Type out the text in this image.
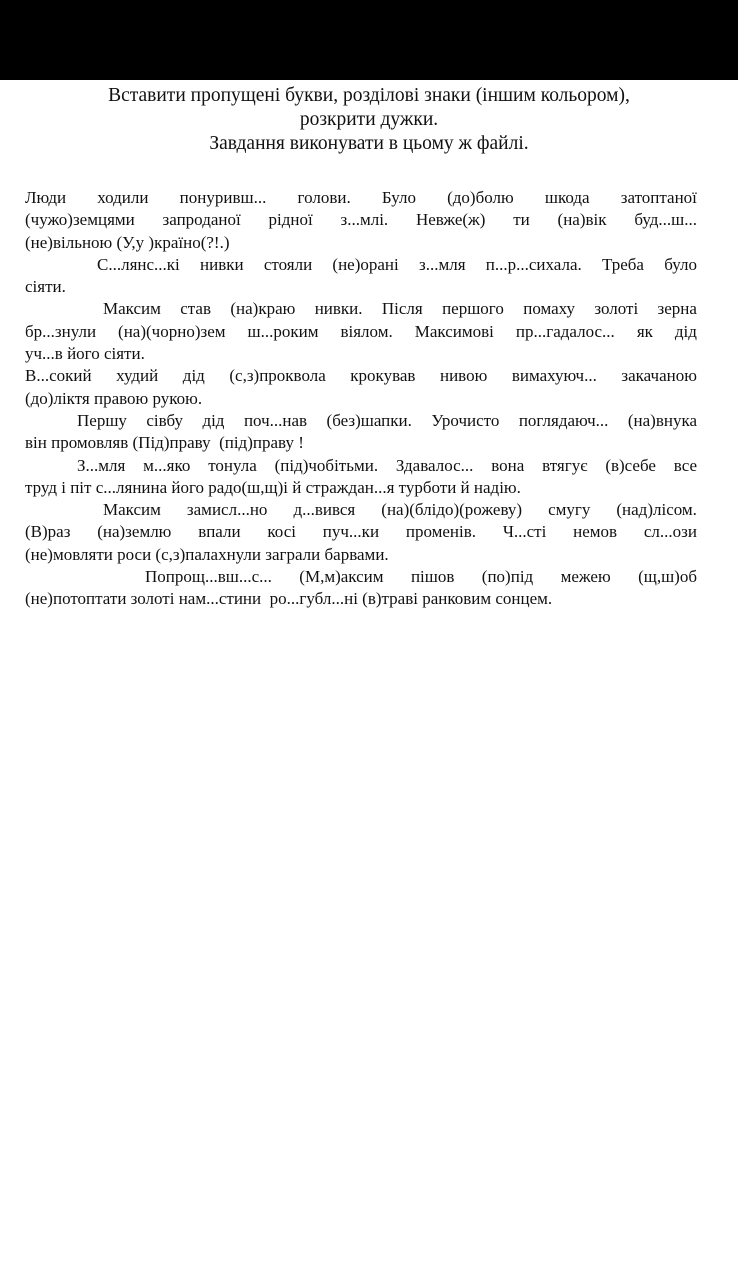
Вставити пропущені букви, розділові знаки (іншим кольором),
розкрити дужки.
Завдання виконувати в цьому ж файлі.
Люди ходили понуривш... голови. Було (до)болю шкода затоптаної
(чужо)земцями запроданої рідної з...млі. Невже(ж) ти (на)вік буд...ш...
(не)вільною (У,у )країно(?!.)
С...лянс...кі нивки стояли (не)орані з...мля п...р...сихала. Треба було
сіяти.
Максим став (на)краю нивки. Після першого помаху золоті зерна
бр...знули (на)(чорно)зем ш...роким віялом. Максимові пр...гадалос... як дід
уч...в його сіяти.
В...сокий худий дід (с,з)проквола крокував нивою вимахуюч... закачаною
(до)ліктя правою рукою.
Першу сівбу дід поч...нав (без)шапки. Урочисто поглядаюч... (на)внука
він промовляв (Під)праву  (під)праву !
З...мля м...яко тонула (під)чобітьми. Здавалос... вона втягує (в)себе все
труд і піт с...лянина його радо(ш,щ)і й страждан...я турботи й надію.
Максим замисл...но д...вився (на)(блідо)(рожеву) смугу (над)лісом.
(В)раз (на)землю впали косі пуч...ки променів. Ч...сті немов сл...ози
(не)мовляти роси (с,з)палахнули заграли барвами.
Попрощ...вш...с... (М,м)аксим пішов (по)під межею (щ,ш)об
(не)потоптати золоті нам...стини  ро...губл...ні (в)траві ранковим сонцем.
